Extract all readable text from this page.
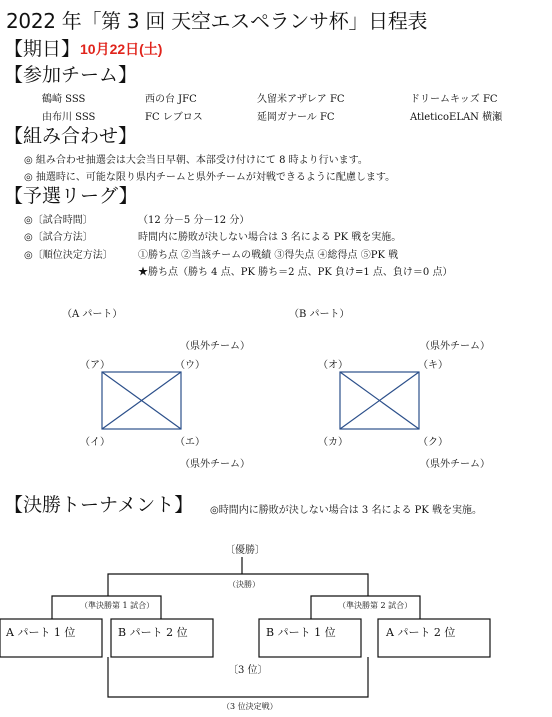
2022 年「第 3 回 天空エスペランサ杯」日程表
【期日】 10月22日(土)
【参加チーム】
鶴崎 SSS	西の台 JFC	久留米アザレア FC	ドリームキッズ FC
由布川 SSS	FC レブロス	延岡ガナール FC	AtleticoELAN 横瀬
【組み合わせ】
◎ 組み合わせ抽選会は大会当日早朝、本部受け付けにて 8 時より行います。
◎ 抽選時に、可能な限り県内チームと県外チームが対戦できるように配慮します。
【予選リーグ】
◎〔試合時間〕	（12 分－5 分－12 分）
◎〔試合方法〕	時間内に勝敗が決しない場合は 3 名による PK 戦を実施。
◎〔順位決定方法〕	①勝ち点 ②当該チームの戦績 ③得失点 ④総得点 ⑤PK 戦
★勝ち点（勝ち 4 点、PK 勝ち＝2 点、PK 負け=1 点、負け＝0 点）
（A パート）
（県外チーム）
（ア）	（ウ）
（イ）	（エ）
（県外チーム）
（B パート）
（県外チーム）
（オ）	（キ）
（カ）	（ク）
（県外チーム）
【決勝トーナメント】 ◎時間内に勝敗が決しない場合は 3 名による PK 戦を実施。
〔優勝〕
（決勝）
（準決勝第 1 試合）	（準決勝第 2 試合）
A パート 1 位	B パート 2 位	B パート 1 位	A パート 2 位
〔3 位〕
（3 位決定戦）
